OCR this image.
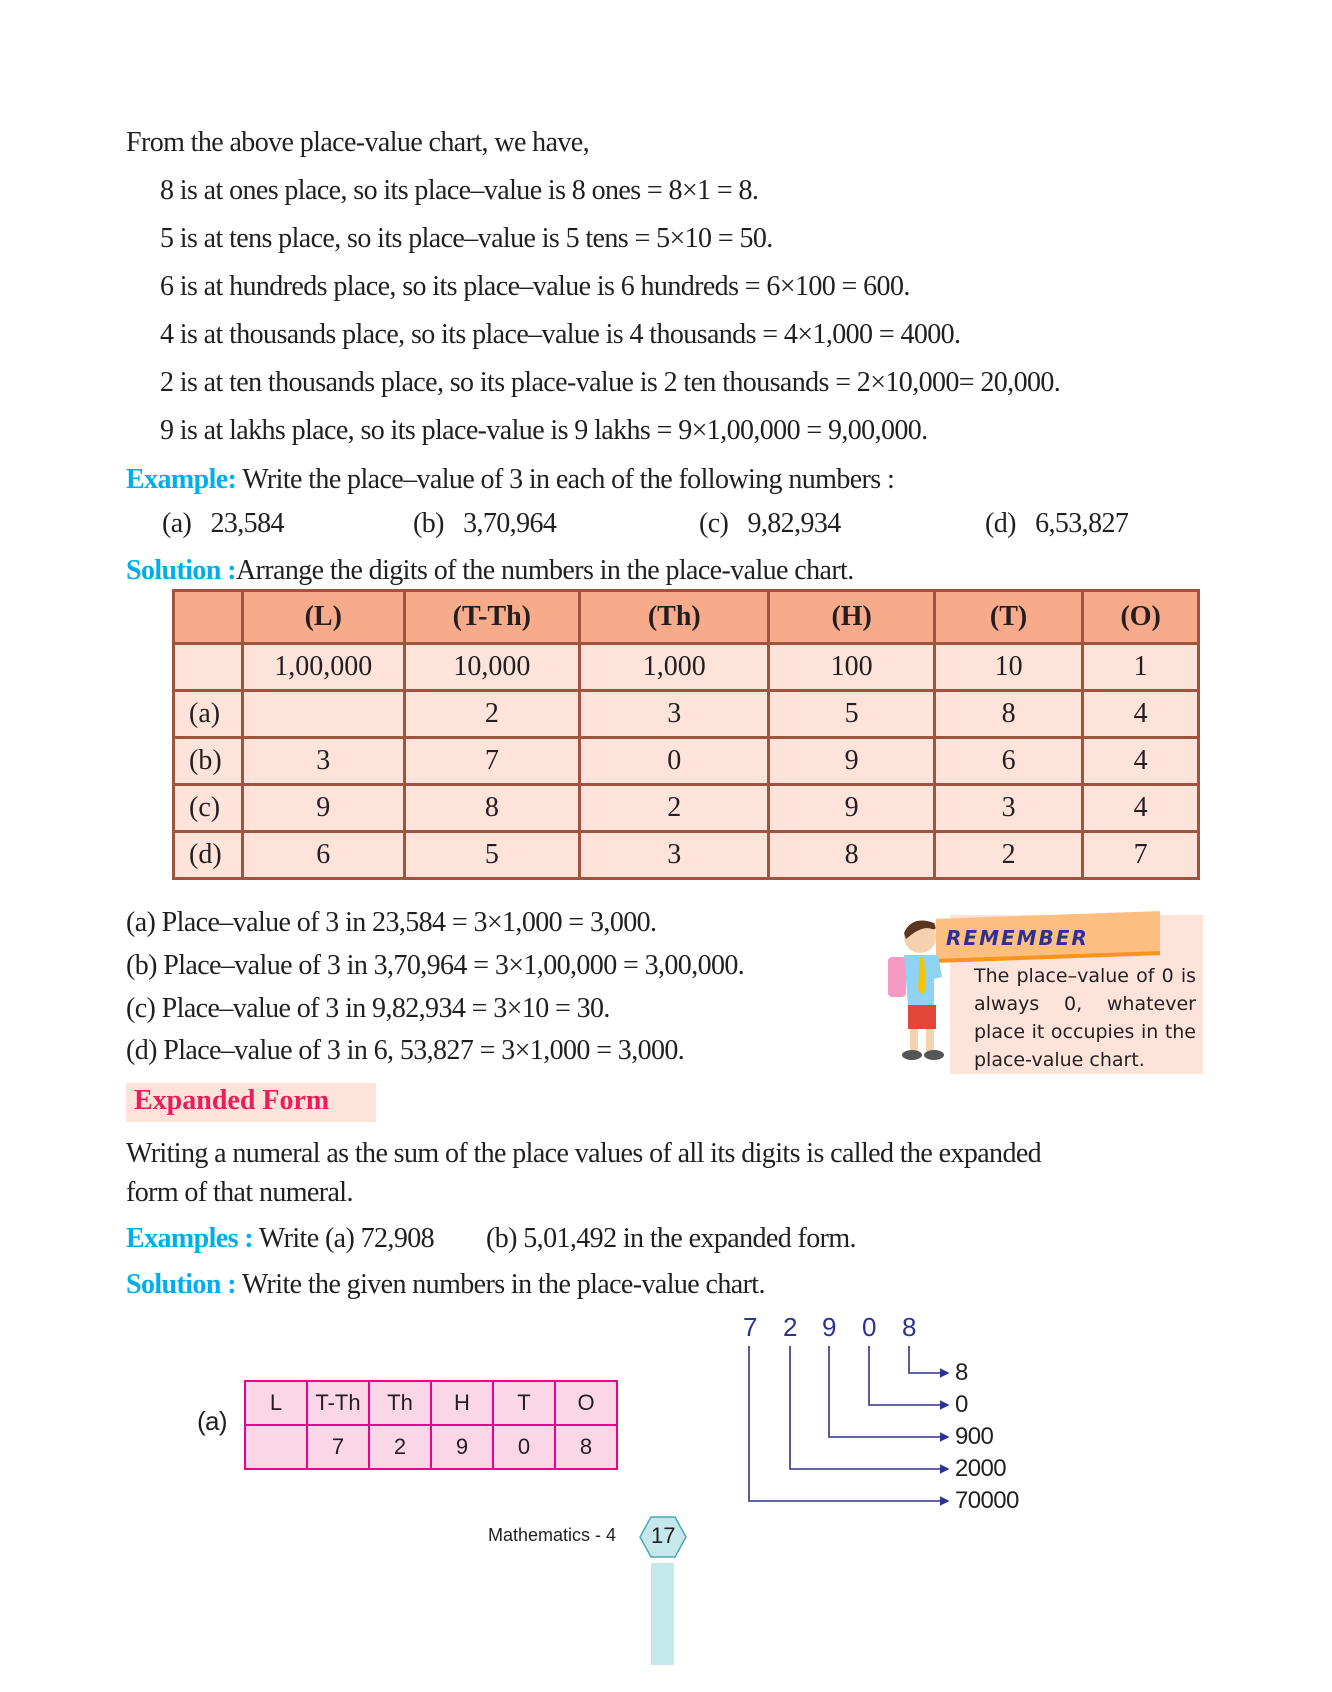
From the above place-value chart, we have,
8 is at ones place, so its place–value is 8 ones = 8×1 = 8.
5 is at tens place, so its place–value is 5 tens = 5×10 = 50.
6 is at hundreds place, so its place–value is 6 hundreds = 6×100 = 600.
4 is at thousands place, so its place–value is 4 thousands = 4×1,000 = 4000.
2 is at ten thousands place, so its place-value is 2 ten thousands = 2×10,000= 20,000.
9 is at lakhs place, so its place-value is 9 lakhs = 9×1,00,000 = 9,00,000.
Example: Write the place–value of 3 in each of the following numbers :
(a) 23,584	(b) 3,70,964	(c) 9,82,934	(d) 6,53,827
Solution :Arrange the digits of the numbers in the place-value chart.
	(L)	(T-Th)	(Th)	(H)	(T)	(O)
	1,00,000	10,000	1,000	100	10	1
(a)		2	3	5	8	4
(b)	3	7	0	9	6	4
(c)	9	8	2	9	3	4
(d)	6	5	3	8	2	7
(a) Place–value of 3 in 23,584 = 3×1,000 = 3,000.
(b) Place–value of 3 in 3,70,964 = 3×1,00,000 = 3,00,000.
(c) Place–value of 3 in 9,82,934 = 3×10 = 30.
(d) Place–value of 3 in 6, 53,827 = 3×1,000 = 3,000.
REMEMBER
The place–value of 0 is always 0, whatever place it occupies in the place-value chart.
Expanded Form
Writing a numeral as the sum of the place values of all its digits is called the expanded
form of that numeral.
Examples : Write (a) 72,908 (b) 5,01,492 in the expanded form.
Solution : Write the given numbers in the place-value chart.
(a)
L	T-Th	Th	H	T	O
	7	2	9	0	8
7 2 9 0 8
8
0
900
2000
70000
Mathematics - 4 17
